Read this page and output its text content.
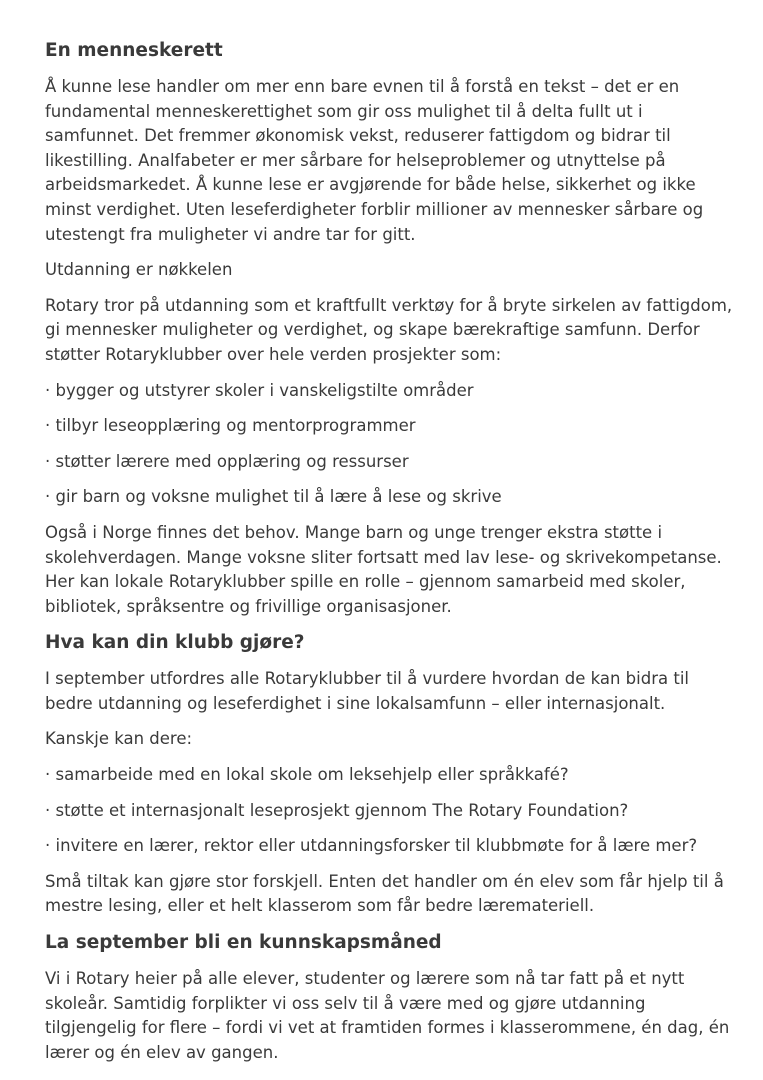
En menneskerett

Å kunne lese handler om mer enn bare evnen til å forstå en tekst – det er en fundamental menneskerettighet som gir oss mulighet til å delta fullt ut i samfunnet. Det fremmer økonomisk vekst, reduserer fattigdom og bidrar til likestilling. Analfabeter er mer sårbare for helseproblemer og utnyttelse på arbeidsmarkedet. Å kunne lese er avgjørende for både helse, sikkerhet og ikke minst verdighet. Uten leseferdigheter forblir millioner av mennesker sårbare og utestengt fra muligheter vi andre tar for gitt.

Utdanning er nøkkelen

Rotary tror på utdanning som et kraftfullt verktøy for å bryte sirkelen av fattigdom, gi mennesker muligheter og verdighet, og skape bærekraftige samfunn. Derfor støtter Rotaryklubber over hele verden prosjekter som:

· bygger og utstyrer skoler i vanskeligstilte områder

· tilbyr leseopplæring og mentorprogrammer

· støtter lærere med opplæring og ressurser

· gir barn og voksne mulighet til å lære å lese og skrive

Også i Norge finnes det behov. Mange barn og unge trenger ekstra støtte i skolehverdagen. Mange voksne sliter fortsatt med lav lese- og skrivekompetanse. Her kan lokale Rotaryklubber spille en rolle – gjennom samarbeid med skoler, bibliotek, språksentre og frivillige organisasjoner.

Hva kan din klubb gjøre?

I september utfordres alle Rotaryklubber til å vurdere hvordan de kan bidra til bedre utdanning og leseferdighet i sine lokalsamfunn – eller internasjonalt.

Kanskje kan dere:

· samarbeide med en lokal skole om leksehjelp eller språkkafé?

· støtte et internasjonalt leseprosjekt gjennom The Rotary Foundation?

· invitere en lærer, rektor eller utdanningsforsker til klubbmøte for å lære mer?

Små tiltak kan gjøre stor forskjell. Enten det handler om én elev som får hjelp til å mestre lesing, eller et helt klasserom som får bedre læremateriell.

La september bli en kunnskapsmåned

Vi i Rotary heier på alle elever, studenter og lærere som nå tar fatt på et nytt skoleår. Samtidig forplikter vi oss selv til å være med og gjøre utdanning tilgjengelig for flere – fordi vi vet at framtiden formes i klasserommene, én dag, én lærer og én elev av gangen.
